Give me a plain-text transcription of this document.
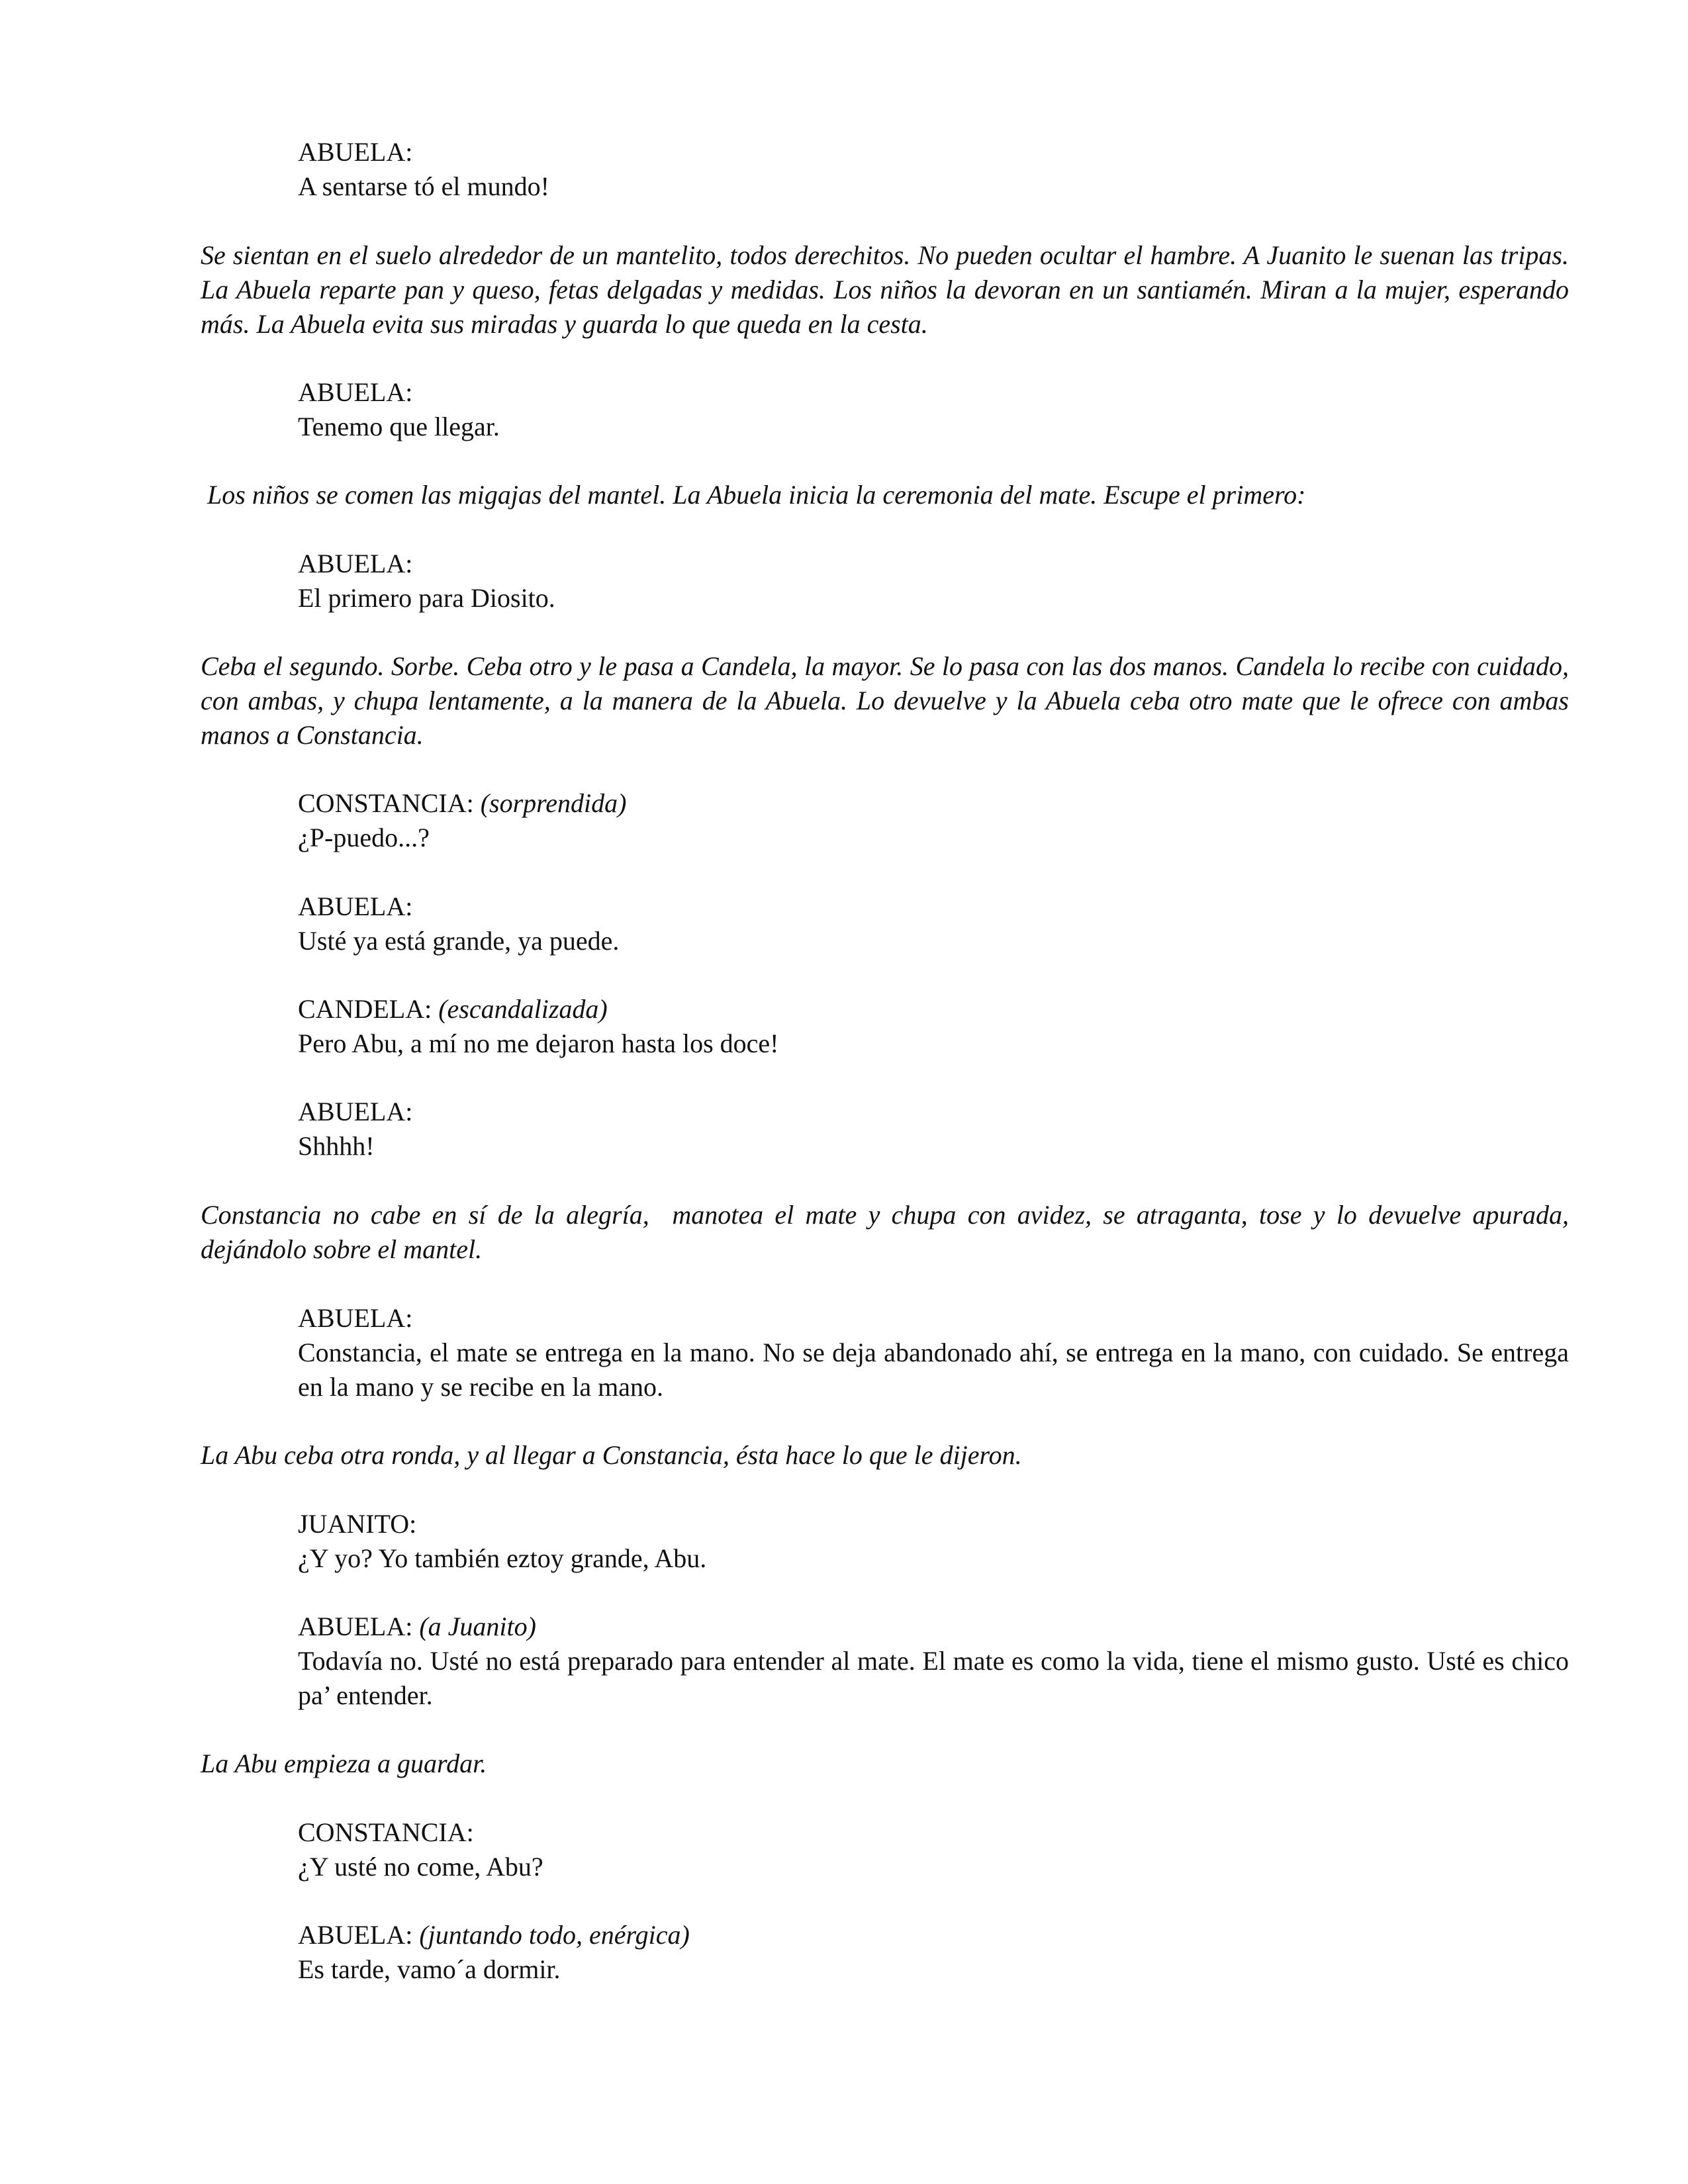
ABUELA:
A sentarse tó el mundo!
Se sientan en el suelo alrededor de un mantelito, todos derechitos. No pueden ocultar el hambre. A Juanito le suenan las tripas. La Abuela reparte pan y queso, fetas delgadas y medidas. Los niños la devoran en un santiamén. Miran a la mujer, esperando más. La Abuela evita sus miradas y guarda lo que queda en la cesta.
ABUELA:
Tenemo que llegar.
Los niños se comen las migajas del mantel. La Abuela inicia la ceremonia del mate. Escupe el primero:
ABUELA:
El primero para Diosito.
Ceba el segundo. Sorbe. Ceba otro y le pasa a Candela, la mayor. Se lo pasa con las dos manos. Candela lo recibe con cuidado, con ambas, y chupa lentamente, a la manera de la Abuela. Lo devuelve y la Abuela ceba otro mate que le ofrece con ambas manos a Constancia.
CONSTANCIA: (sorprendida)
¿P-puedo...?
ABUELA:
Usté ya está grande, ya puede.
CANDELA: (escandalizada)
Pero Abu, a mí no me dejaron hasta los doce!
ABUELA:
Shhhh!
Constancia no cabe en sí de la alegría,  manotea el mate y chupa con avidez, se atraganta, tose y lo devuelve apurada, dejándolo sobre el mantel.
ABUELA:
Constancia, el mate se entrega en la mano. No se deja abandonado ahí, se entrega en la mano, con cuidado. Se entrega en la mano y se recibe en la mano.
La Abu ceba otra ronda, y al llegar a Constancia, ésta hace lo que le dijeron.
JUANITO:
¿Y yo? Yo también eztoy grande, Abu.
ABUELA: (a Juanito)
Todavía no. Usté no está preparado para entender al mate. El mate es como la vida, tiene el mismo gusto. Usté es chico pa’ entender.
La Abu empieza a guardar.
CONSTANCIA:
¿Y usté no come, Abu?
ABUELA: (juntando todo, enérgica)
Es tarde, vamo´a dormir.
